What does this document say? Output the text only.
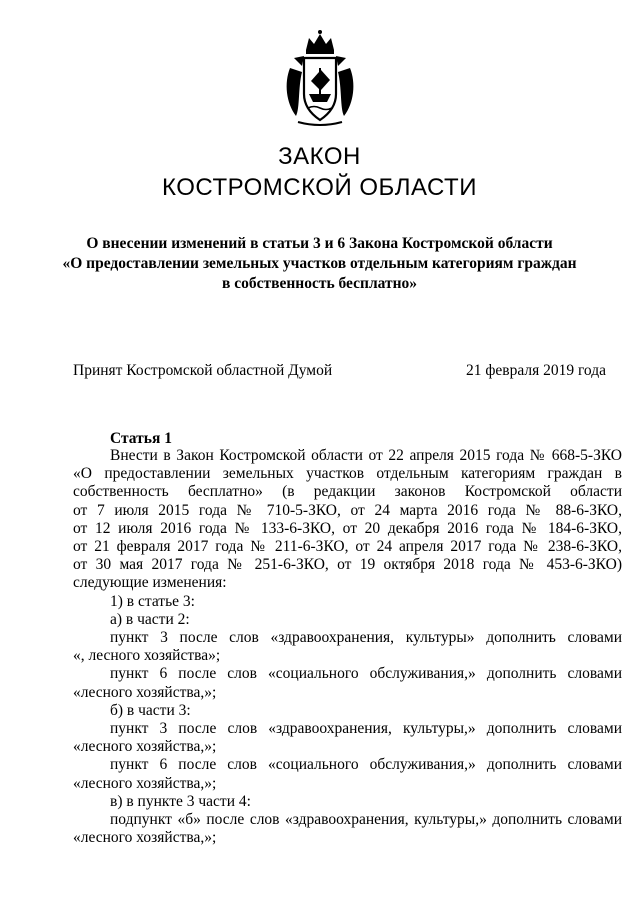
ЗАКОН
КОСТРОМСКОЙ ОБЛАСТИ
О внесении изменений в статьи 3 и 6 Закона Костромской области
«О предоставлении земельных участков отдельным категориям граждан
в собственность бесплатно»
Принят Костромской областной Думой	21 февраля 2019 года
Статья 1
Внести в Закон Костромской области от 22 апреля 2015 года № 668-5-ЗКО
«О предоставлении земельных участков отдельным категориям граждан в
собственность бесплатно» (в редакции законов Костромской области
от 7 июля 2015 года № 710-5-ЗКО, от 24 марта 2016 года № 88-6-ЗКО,
от 12 июля 2016 года № 133-6-ЗКО, от 20 декабря 2016 года № 184-6-ЗКО,
от 21 февраля 2017 года № 211-6-ЗКО, от 24 апреля 2017 года № 238-6-ЗКО,
от 30 мая 2017 года № 251-6-ЗКО, от 19 октября 2018 года № 453-6-ЗКО)
следующие изменения:
1) в статье 3:
а) в части 2:
пункт 3 после слов «здравоохранения, культуры» дополнить словами
«, лесного хозяйства»;
пункт 6 после слов «социального обслуживания,» дополнить словами
«лесного хозяйства,»;
б) в части 3:
пункт 3 после слов «здравоохранения, культуры,» дополнить словами
«лесного хозяйства,»;
пункт 6 после слов «социального обслуживания,» дополнить словами
«лесного хозяйства,»;
в) в пункте 3 части 4:
подпункт «б» после слов «здравоохранения, культуры,» дополнить словами
«лесного хозяйства,»;
